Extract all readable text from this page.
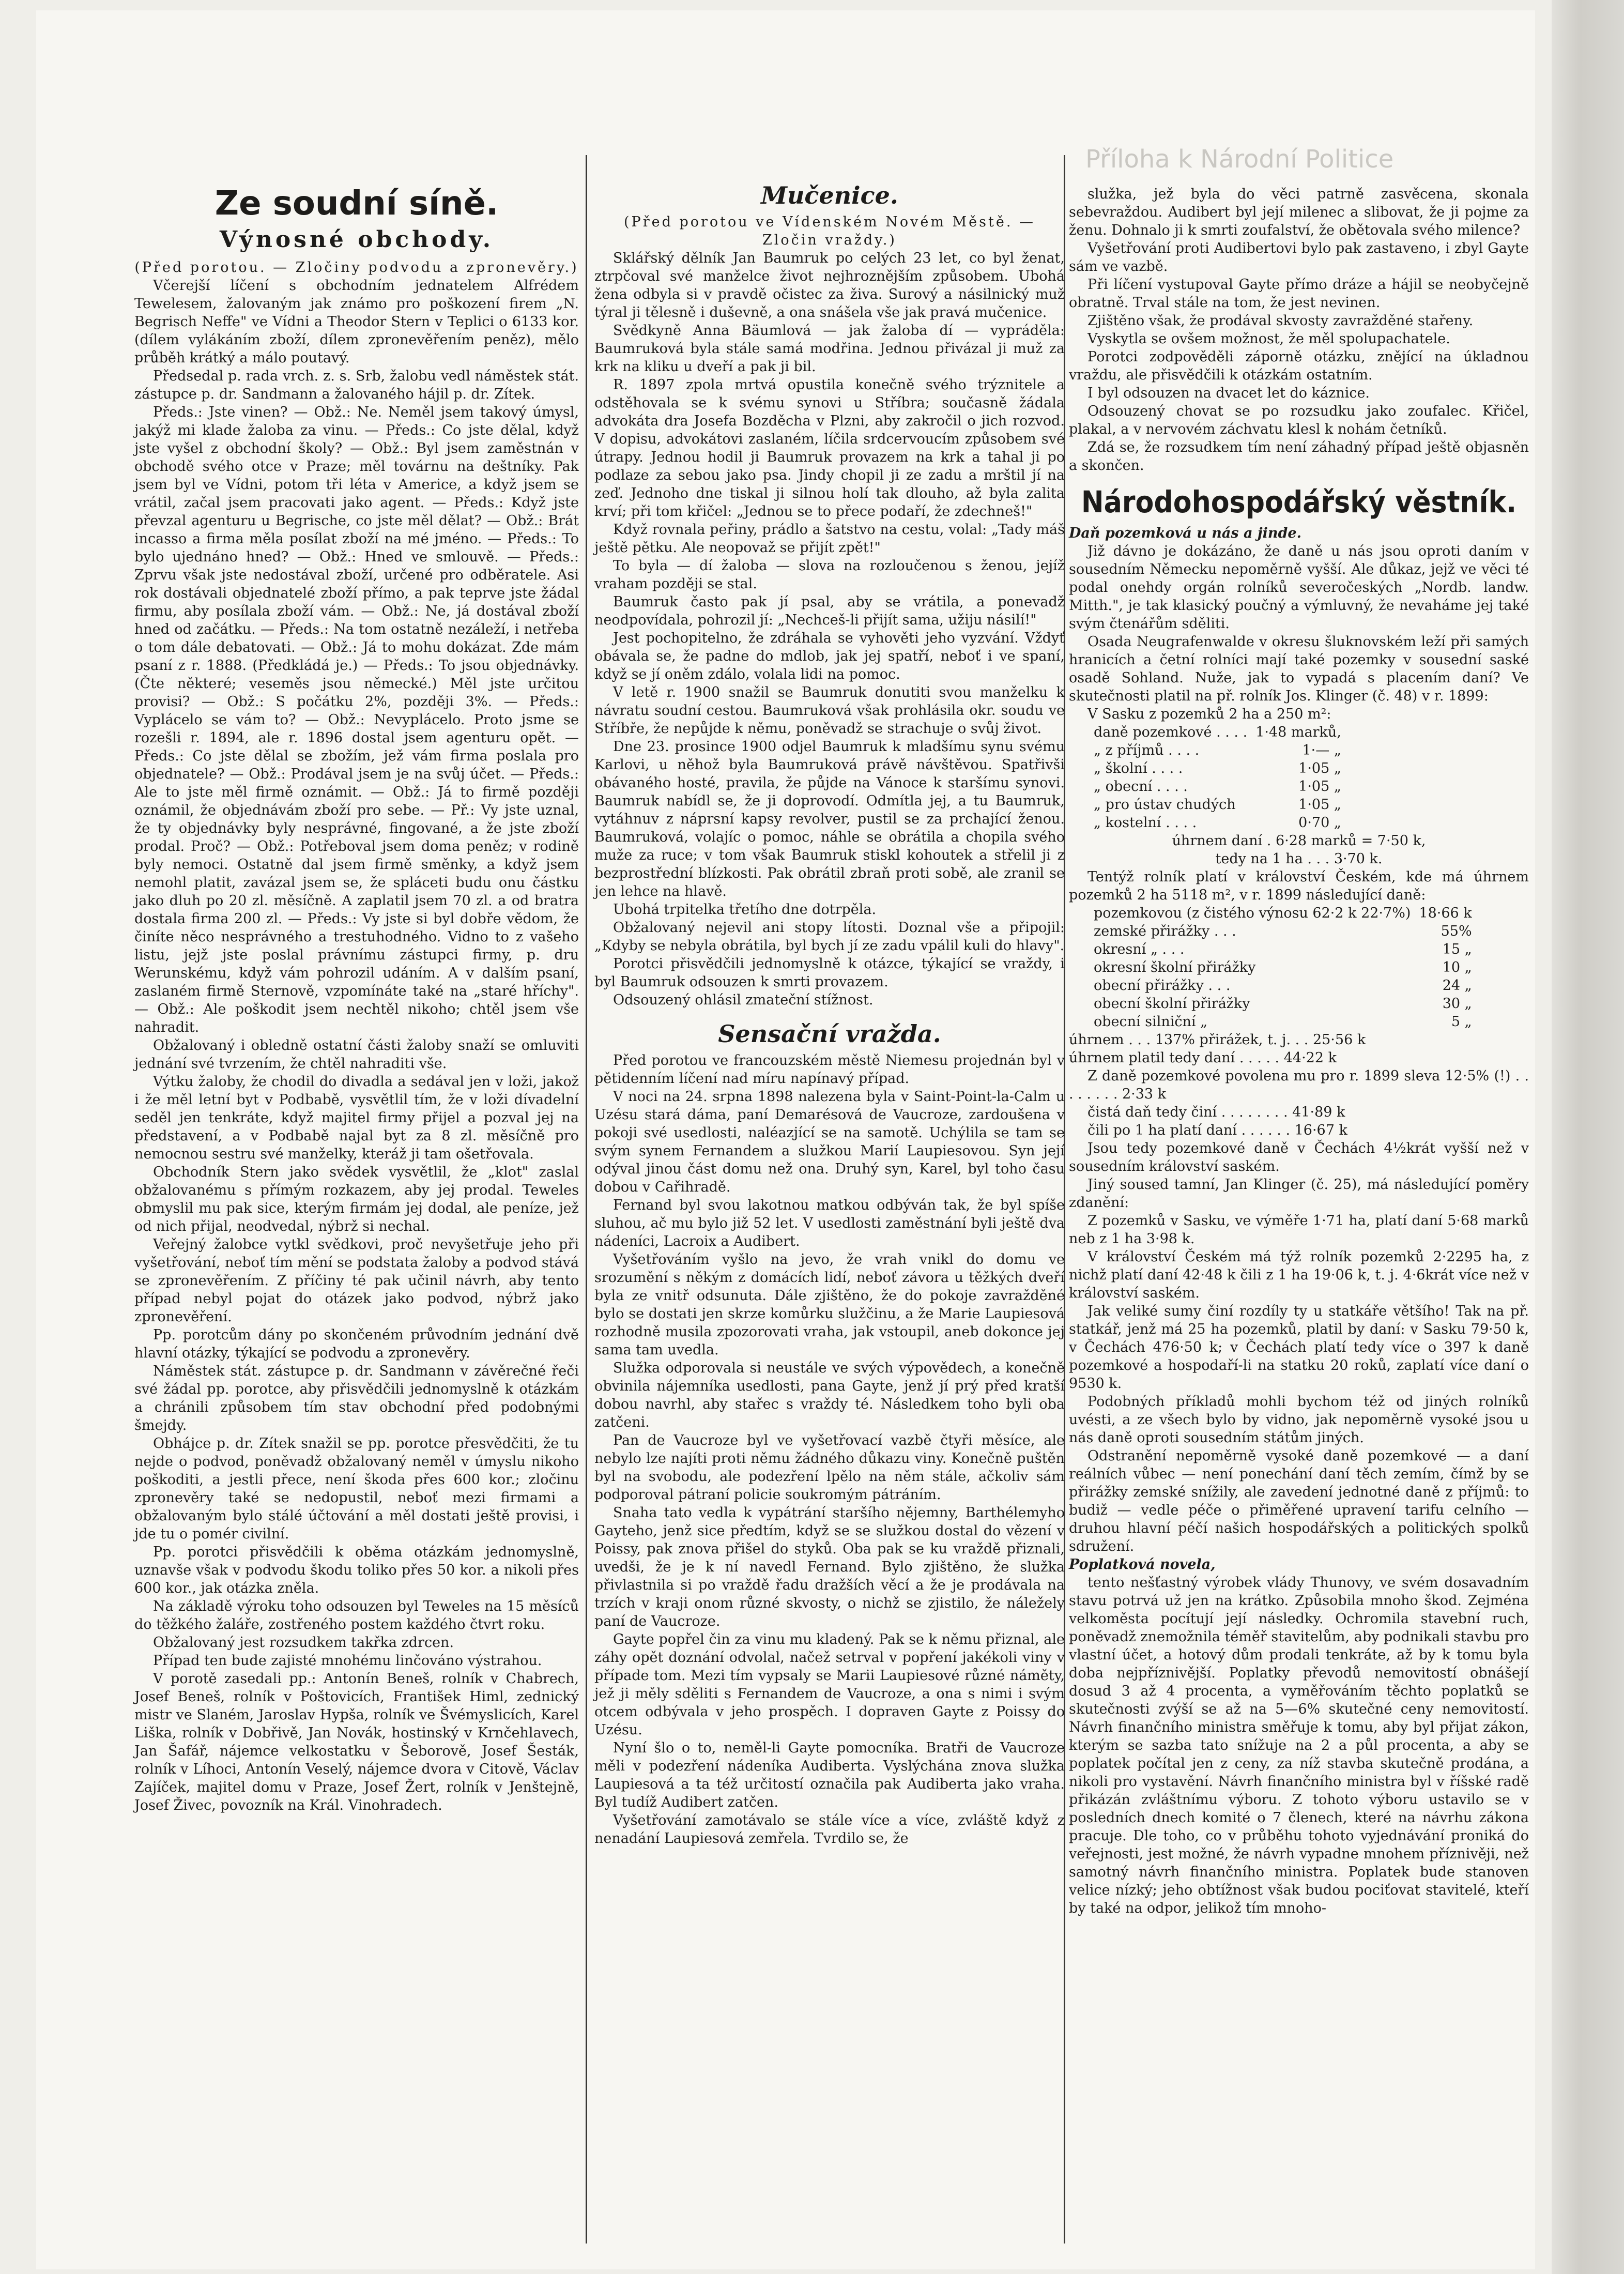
Příloha k Národní Politice
Ze soudní síně.
Výnosné obchody.
(Před porotou. — Zločiny podvodu a zpronevěry.)

Včerejší líčení s obchodním jednatelem Alfrédem Tewelesem, žalovaným jak známo pro poškození firem „N. Begrisch Neffe" ve Vídni a Theodor Stern v Teplici o 6133 kor. (dílem vylákáním zboží, dílem zpronevěřením peněz), mělo průběh krátký a málo poutavý.

Předsedal p. rada vrch. z. s. Srb, žalobu vedl náměstek stát. zástupce p. dr. Sandmann a žalovaného hájil p. dr. Zítek.

Předs.: Jste vinen? — Obž.: Ne. Neměl jsem takový úmysl, jakýž mi klade žaloba za vinu. — Předs.: Co jste dělal, když jste vyšel z obchodní školy? — Obž.: Byl jsem zaměstnán v obchodě svého otce v Praze; měl továrnu na deštníky. Pak jsem byl ve Vídni, potom tři léta v Americe, a když jsem se vrátil, začal jsem pracovati jako agent. — Předs.: Když jste převzal agenturu u Begrische, co jste měl dělat? — Obž.: Brát incasso a firma měla posílat zboží na mé jméno. — Předs.: To bylo ujednáno hned? — Obž.: Hned ve smlouvě. — Předs.: Zprvu však jste nedostával zboží, určené pro odběratele. Asi rok dostávali objednatelé zboží přímo, a pak teprve jste žádal firmu, aby posílala zboží vám. — Obž.: Ne, já dostával zboží hned od začátku. — Předs.: Na tom ostatně nezáleží, i netřeba o tom dále debatovati. — Obž.: Já to mohu dokázat. Zde mám psaní z r. 1888. (Předkládá je.) — Předs.: To jsou objednávky. (Čte některé; veseměs jsou německé.) Měl jste určitou provisi? — Obž.: S počátku 2%, později 3%. — Předs.: Vyplácelo se vám to? — Obž.: Nevyplácelo. Proto jsme se rozešli r. 1894, ale r. 1896 dostal jsem agenturu opět. — Předs.: Co jste dělal se zbožím, jež vám firma poslala pro objednatele? — Obž.: Prodával jsem je na svůj účet. — Předs.: Ale to jste měl firmě oznámit. — Obž.: Já to firmě později oznámil, že objednávám zboží pro sebe. — Př.: Vy jste uznal, že ty objednávky byly nesprávné, fingované, a že jste zboží prodal. Proč? — Obž.: Potřeboval jsem doma peněz; v rodině byly nemoci. Ostatně dal jsem firmě směnky, a když jsem nemohl platit, zavázal jsem se, že spláceti budu onu částku jako dluh po 20 zl. měsíčně. A zaplatil jsem 70 zl. a od bratra dostala firma 200 zl. — Předs.: Vy jste si byl dobře vědom, že činíte něco nesprávného a trestuhodného. Vidno to z vašeho listu, jejž jste poslal právnímu zástupci firmy, p. dru Werunskému, když vám pohrozil udáním. A v dalším psaní, zaslaném firmě Sternově, vzpomínáte také na „staré hříchy". — Obž.: Ale poškodit jsem nechtěl nikoho; chtěl jsem vše nahradit.

Obžalovaný i obledně ostatní části žaloby snaží se omluviti jednání své tvrzením, že chtěl nahraditi vše.

Výtku žaloby, že chodil do divadla a sedával jen v loži, jakož i že měl letní byt v Podbabě, vysvětlil tím, že v loži dívadelní seděl jen tenkráte, když majitel firmy přijel a pozval jej na představení, a v Podbabě najal byt za 8 zl. měsíčně pro nemocnou sestru své manželky, kteráž ji tam ošetřovala.

Obchodník Stern jako svědek vysvětlil, že „klot" zaslal obžalovanému s přímým rozkazem, aby jej prodal. Teweles obmyslil mu pak sice, kterým firmám jej dodal, ale peníze, jež od nich přijal, neodvedal, nýbrž si nechal.

Veřejný žalobce vytkl svědkovi, proč nevyšetřuje jeho při vyšetřování, neboť tím mění se podstata žaloby a podvod stává se zpronevěřením. Z příčiny té pak učinil návrh, aby tento případ nebyl pojat do otázek jako podvod, nýbrž jako zpronevěření.

Pp. porotcům dány po skončeném průvodním jednání dvě hlavní otázky, týkající se podvodu a zpronevěry.

Náměstek stát. zástupce p. dr. Sandmann v závěrečné řeči své žádal pp. porotce, aby přisvědčili jednomyslně k otázkám a chránili způsobem tím stav obchodní před podobnými šmejdy.

Obhájce p. dr. Zítek snažil se pp. porotce přesvědčiti, že tu nejde o podvod, poněvadž obžalovaný neměl v úmyslu nikoho poškoditi, a jestli přece, není škoda přes 600 kor.; zločinu zpronevěry také se nedopustil, neboť mezi firmami a obžalovaným bylo stálé účtování a měl dostati ještě provisi, i jde tu o pomér civilní.

Pp. porotci přisvědčili k oběma otázkám jednomyslně, uznavše však v podvodu škodu toliko přes 50 kor. a nikoli přes 600 kor., jak otázka zněla.

Na základě výroku toho odsouzen byl Teweles na 15 měsíců do těžkého žaláře, zostřeného postem každého čtvrt roku.

Obžalovaný jest rozsudkem takřka zdrcen.

Případ ten bude zajisté mnohému linčováno výstrahou.

V porotě zasedali pp.: Antonín Beneš, rolník v Chabrech, Josef Beneš, rolník v Poštovicích, František Himl, zednický mistr ve Slaném, Jaroslav Hypša, rolník ve Švémyslicích, Karel Liška, rolník v Dobřivě, Jan Novák, hostinský v Krnčehlavech, Jan Šafář, nájemce velkostatku v Šeborově, Josef Šesták, rolník v Líhoci, Antonín Veselý, nájemce dvora v Citově, Václav Zajíček, majitel domu v Praze, Josef Žert, rolník v Jenštejně, Josef Živec, povozník na Král. Vinohradech.

Mučenice.
(Před porotou ve Vídenském Novém Městě. — Zločin vraždy.)

Sklářský dělník Jan Baumruk po celých 23 let, co byl ženat, ztrpčoval své manželce život nejhroznějším způsobem. Ubohá žena odbyla si v pravdě očistec za živa. Surový a násilnický muž týral ji tělesně i duševně, a ona snášela vše jak pravá mučenice.

Svědkyně Anna Bäumlová — jak žaloba dí — vypráděla: Baumruková byla stále samá modřina. Jednou přivázal ji muž za krk na kliku u dveří a pak ji bil.

R. 1897 zpola mrtvá opustila konečně svého trýznitele a odstěhovala se k svému synovi u Stříbra; současně žádala advokáta dra Josefa Bozděcha v Plzni, aby zakročil o jich rozvod. V dopisu, advokátovi zaslaném, líčila srdcervoucím způsobem své útrapy. Jednou hodil ji Baumruk provazem na krk a tahal ji po podlaze za sebou jako psa. Jindy chopil ji ze zadu a mrštil jí na zeď. Jednoho dne tiskal ji silnou holí tak dlouho, až byla zalita krví; při tom křičel: „Jednou se to přece podaří, že zdechneš!"

Když rovnala peřiny, prádlo a šatstvo na cestu, volal: „Tady máš ještě pětku. Ale neopovaž se přijít zpět!"

To byla — dí žaloba — slova na rozloučenou s ženou, jejíž vraham později se stal.

Baumruk často pak jí psal, aby se vrátila, a ponevadž neodpovídala, pohrozil jí: „Nechceš-li přijít sama, užiju násilí!"

Jest pochopitelno, že zdráhala se vyhověti jeho vyzvání. Vždyť obávala se, že padne do mdlob, jak jej spatří, neboť i ve spaní, když se jí oněm zdálo, volala lidi na pomoc.

V letě r. 1900 snažil se Baumruk donutiti svou manželku k návratu soudní cestou. Baumruková však prohlásila okr. soudu ve Stříbře, že nepůjde k němu, poněvadž se strachuje o svůj život.

Dne 23. prosince 1900 odjel Baumruk k mladšímu synu svému Karlovi, u něhož byla Baumruková právě návštěvou. Spatřivši obávaného hosté, pravila, že půjde na Vánoce k staršímu synovi. Baumruk nabídl se, že ji doprovodí. Odmítla jej, a tu Baumruk, vytáhnuv z náprsní kapsy revolver, pustil se za prchající ženou. Baumruková, volajíc o pomoc, náhle se obrátila a chopila svého muže za ruce; v tom však Baumruk stiskl kohoutek a střelil ji z bezprostřední blízkosti. Pak obrátil zbraň proti sobě, ale zranil se jen lehce na hlavě.

Ubohá trpitelka třetího dne dotrpěla.

Obžalovaný nejevil ani stopy lítosti. Doznal vše a připojil: „Kdyby se nebyla obrátila, byl bych jí ze zadu vpálil kuli do hlavy".

Porotci přisvědčili jednomyslně k otázce, týkající se vraždy, i byl Baumruk odsouzen k smrti provazem.

Odsouzený ohlásil zmateční stížnost.

Sensační vražda.

Před porotou ve francouzském městě Niemesu projednán byl v pětidenním líčení nad míru napínavý případ.

V noci na 24. srpna 1898 nalezena byla v Saint-Point-la-Calm u Uzésu stará dáma, paní Demarésová de Vaucroze, zardoušena v pokoji své usedlosti, naléazjící se na samotě. Uchýlila se tam se svým synem Fernandem a služkou Marií Laupiesovou. Syn její odýval jinou část domu než ona. Druhý syn, Karel, byl toho času dobou v Cařihradě.

Fernand byl svou lakotnou matkou odbýván tak, že byl spíše sluhou, ač mu bylo již 52 let. V usedlosti zaměstnání byli ještě dva nádeníci, Lacroix a Audibert.

Vyšetřováním vyšlo na jevo, že vrah vnikl do domu ve srozumění s někým z domácích lidí, neboť závora u těžkých dveří byla ze vnitř odsunuta. Dále zjištěno, že do pokoje zavražděné bylo se dostati jen skrze komůrku služčinu, a že Marie Laupiesová rozhodně musila zpozorovati vraha, jak vstoupil, aneb dokonce jej sama tam uvedla.

Služka odporovala si neustále ve svých výpovědech, a konečně obvinila nájemníka usedlosti, pana Gayte, jenž jí prý před kratší dobou navrhl, aby stařec s vraždy té. Následkem toho byli oba zatčeni.

Pan de Vaucroze byl ve vyšetřovací vazbě čtyři měsíce, ale nebylo lze najíti proti němu žádného důkazu viny. Konečně puštěn byl na svobodu, ale podezření lpělo na něm stále, ačkoliv sám podporoval pátraní policie soukromým pátráním.

Snaha tato vedla k vypátrání staršího nějemny, Barthélemyho Gayteho, jenž sice předtím, když se se služkou dostal do vězení v Poissy, pak znova přišel do styků. Oba pak se ku vraždě přiznali, uvedši, že je k ní navedl Fernand. Bylo zjištěno, že služka přivlastnila si po vraždě řadu dražších věcí a že je prodávala na trzích v kraji onom různé skvosty, o nichž se zjistilo, že náležely paní de Vaucroze.

Gayte popřel čin za vinu mu kladený. Pak se k němu přiznal, ale záhy opět doznání odvolal, načež setrval v popření jakékoli viny v případe tom. Mezi tím vypsaly se Marii Laupiesové různé náměty, jež ji měly sděliti s Fernandem de Vaucroze, a ona s nimi i svým otcem odbývala v jeho prospěch. I dopraven Gayte z Poissy do Uzésu.

Nyní šlo o to, neměl-li Gayte pomocníka. Bratři de Vaucroze měli v podezření nádeníka Audiberta. Vyslýchána znova služka Laupiesová a ta též určitostí označila pak Audiberta jako vraha. Byl tudíž Audibert zatčen.

Vyšetřování zamotávalo se stále více a více, zvláště když z nenadání Laupiesová zemřela. Tvrdilo se, že

služka, jež byla do věci patrně zasvěcena, skonala sebevraždou. Audibert byl její milenec a slibovat, že ji pojme za ženu. Dohnalo ji k smrti zoufalství, že obětovala svého milence?

Vyšetřování proti Audibertovi bylo pak zastaveno, i zbyl Gayte sám ve vazbě.

Při líčení vystupoval Gayte přímo dráze a hájil se neobyčejně obratně. Trval stále na tom, že jest nevinen.

Zjištěno však, že prodával skvosty zavražděné stařeny.

Vyskytla se ovšem možnost, že měl spolupachatele.

Porotci zodpověděli záporně otázku, znějící na úkladnou vraždu, ale přisvědčili k otázkám ostatním.

I byl odsouzen na dvacet let do káznice.

Odsouzený chovat se po rozsudku jako zoufalec. Křičel, plakal, a v nervovém záchvatu klesl k nohám četníků.

Zdá se, že rozsudkem tím není záhadný případ ještě objasněn a skončen.

Národohospodářský věstník.
Daň pozemková u nás a jinde.

Již dávno je dokázáno, že daně u nás jsou oproti daním v sousedním Německu nepoměrně vyšší. Ale důkaz, jejž ve věci té podal onehdy orgán rolníků severočeských „Nordb. landw. Mitth.", je tak klasický poučný a výmluvný, že nevaháme jej také svým čtenářům sděliti.

Osada Neugrafenwalde v okresu šluknovském leží při samých hranicích a četní rolníci mají také pozemky v sousední saské osadě Sohland. Nuže, jak to vypadá s placením daní? Ve skutečnosti platil na př. rolník Jos. Klinger (č. 48) v r. 1899:

V Sasku z pozemků 2 ha a 250 m²:

daně pozemkové . . . .	1·48 marků,
„ z příjmů . . . .	1·— „
„ školní . . . .	1·05 „
„ obecní . . . .	1·05 „
„ pro ústav chudých	1·05 „
„ kostelní . . . .	0·70 „
úhrnem daní . 6·28 marků = 7·50 k,
tedy na 1 ha . . . 3·70 k.

Tentýž rolník platí v království Českém, kde má úhrnem pozemků 2 ha 5118 m², v r. 1899 následující daně:

pozemkovou (z čistého výnosu 62·2 k 22·7%)	18·66 k
zemské přirážky . . .	55%
okresní „ . . .	15 „
okresní školní přirážky	10 „
obecní přirážky . . .	24 „
obecní školní přirážky	30 „
obecní silniční „	5 „
úhrnem . . . 137% přirážek, t. j. . . 25·56 k
úhrnem platil tedy daní . . . . . 44·22 k

Z daně pozemkové povolena mu pro r. 1899 sleva 12·5% (!) . . . . . . . . 2·33 k

čistá daň tedy činí . . . . . . . . 41·89 k

čili po 1 ha platí daní . . . . . . 16·67 k

Jsou tedy pozemkové daně v Čechách 4½krát vyšší než v sousedním království saském.

Jiný soused tamní, Jan Klinger (č. 25), má následující poměry zdanění:

Z pozemků v Sasku, ve výměře 1·71 ha, platí daní 5·68 marků neb z 1 ha 3·98 k.

V království Českém má týž rolník pozemků 2·2295 ha, z nichž platí daní 42·48 k čili z 1 ha 19·06 k, t. j. 4·6krát více než v království saském.

Jak veliké sumy činí rozdíly ty u statkáře většího! Tak na př. statkář, jenž má 25 ha pozemků, platil by daní: v Sasku 79·50 k, v Čechách 476·50 k; v Čechách platí tedy více o 397 k daně pozemkové a hospodaří-li na statku 20 roků, zaplatí více daní o 9530 k.

Podobných příkladů mohli bychom též od jiných rolníků uvésti, a ze všech bylo by vidno, jak nepoměrně vysoké jsou u nás daně oproti sousedním státům jiných.

Odstranění nepoměrně vysoké daně pozemkové — a daní reálních vůbec — není ponechání daní těch zemím, čímž by se přirážky zemské snížily, ale zavedení jednotné daně z příjmů: to budiž — vedle péče o přiměřené upravení tarifu celního — druhou hlavní péčí našich hospodářských a politických spolků sdružení.

Poplatková novela,

tento nešťastný výrobek vlády Thunovy, ve svém dosavadním stavu potrvá už jen na krátko. Způsobila mnoho škod. Zejména velkoměsta pocítují její následky. Ochromila stavební ruch, poněvadž znemožnila téměř stavitelům, aby podnikali stavbu pro vlastní účet, a hotový dům prodali tenkráte, až by k tomu byla doba nejpříznivější. Poplatky převodů nemovitostí obnášejí dosud 3 až 4 procenta, a vyměřováním těchto poplatků se skutečnosti zvýší se až na 5—6% skutečné ceny nemovitostí. Návrh finančního ministra směřuje k tomu, aby byl přijat zákon, kterým se sazba tato snížuje na 2 a půl procenta, a aby se poplatek počítal jen z ceny, za níž stavba skutečně prodána, a nikoli pro vystavění. Návrh finančního ministra byl v říšské radě přikázán zvláštnímu výboru. Z tohoto výboru ustavilo se v posledních dnech komité o 7 členech, které na návrhu zákona pracuje. Dle toho, co v průběhu tohoto vyjednávání proniká do veřejnosti, jest možné, že návrh vypadne mnohem příznivěji, než samotný návrh finančního ministra. Poplatek bude stanoven velice nízký; jeho obtížnost však budou pociťovat stavitelé, kteří by také na odpor, jelikož tím mnoho-
